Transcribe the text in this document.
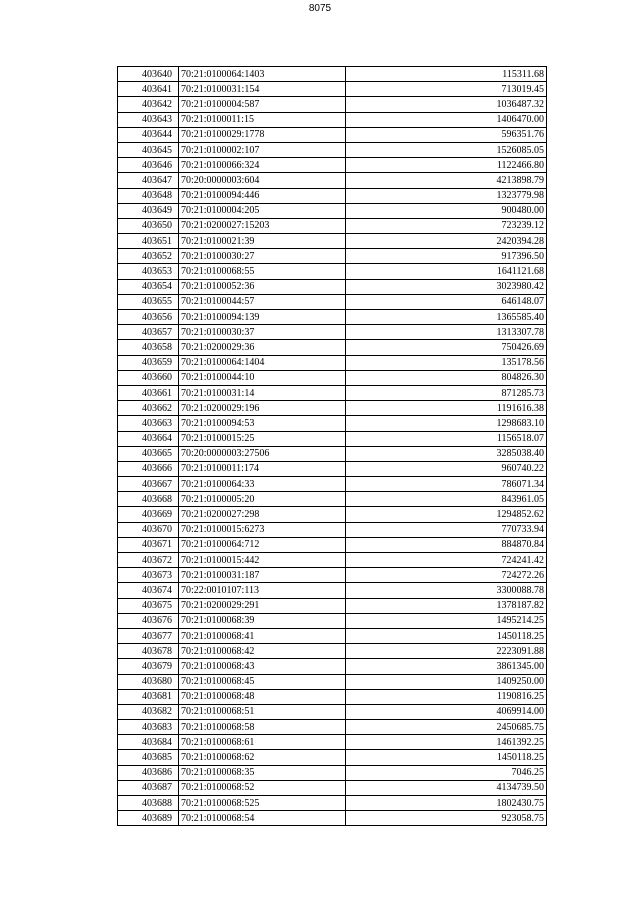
8075
403640	70:21:0100064:1403	115311.68
403641	70:21:0100031:154	713019.45
403642	70:21:0100004:587	1036487.32
403643	70:21:0100011:15	1406470.00
403644	70:21:0100029:1778	596351.76
403645	70:21:0100002:107	1526085.05
403646	70:21:0100066:324	1122466.80
403647	70:20:0000003:604	4213898.79
403648	70:21:0100094:446	1323779.98
403649	70:21:0100004:205	900480.00
403650	70:21:0200027:15203	723239.12
403651	70:21:0100021:39	2420394.28
403652	70:21:0100030:27	917396.50
403653	70:21:0100068:55	1641121.68
403654	70:21:0100052:36	3023980.42
403655	70:21:0100044:57	646148.07
403656	70:21:0100094:139	1365585.40
403657	70:21:0100030:37	1313307.78
403658	70:21:0200029:36	750426.69
403659	70:21:0100064:1404	135178.56
403660	70:21:0100044:10	804826.30
403661	70:21:0100031:14	871285.73
403662	70:21:0200029:196	1191616.38
403663	70:21:0100094:53	1298683.10
403664	70:21:0100015:25	1156518.07
403665	70:20:0000003:27506	3285038.40
403666	70:21:0100011:174	960740.22
403667	70:21:0100064:33	786071.34
403668	70:21:0100005:20	843961.05
403669	70:21:0200027:298	1294852.62
403670	70:21:0100015:6273	770733.94
403671	70:21:0100064:712	884870.84
403672	70:21:0100015:442	724241.42
403673	70:21:0100031:187	724272.26
403674	70:22:0010107:113	3300088.78
403675	70:21:0200029:291	1378187.82
403676	70:21:0100068:39	1495214.25
403677	70:21:0100068:41	1450118.25
403678	70:21:0100068:42	2223091.88
403679	70:21:0100068:43	3861345.00
403680	70:21:0100068:45	1409250.00
403681	70:21:0100068:48	1190816.25
403682	70:21:0100068:51	4069914.00
403683	70:21:0100068:58	2450685.75
403684	70:21:0100068:61	1461392.25
403685	70:21:0100068:62	1450118.25
403686	70:21:0100068:35	7046.25
403687	70:21:0100068:52	4134739.50
403688	70:21:0100068:525	1802430.75
403689	70:21:0100068:54	923058.75
